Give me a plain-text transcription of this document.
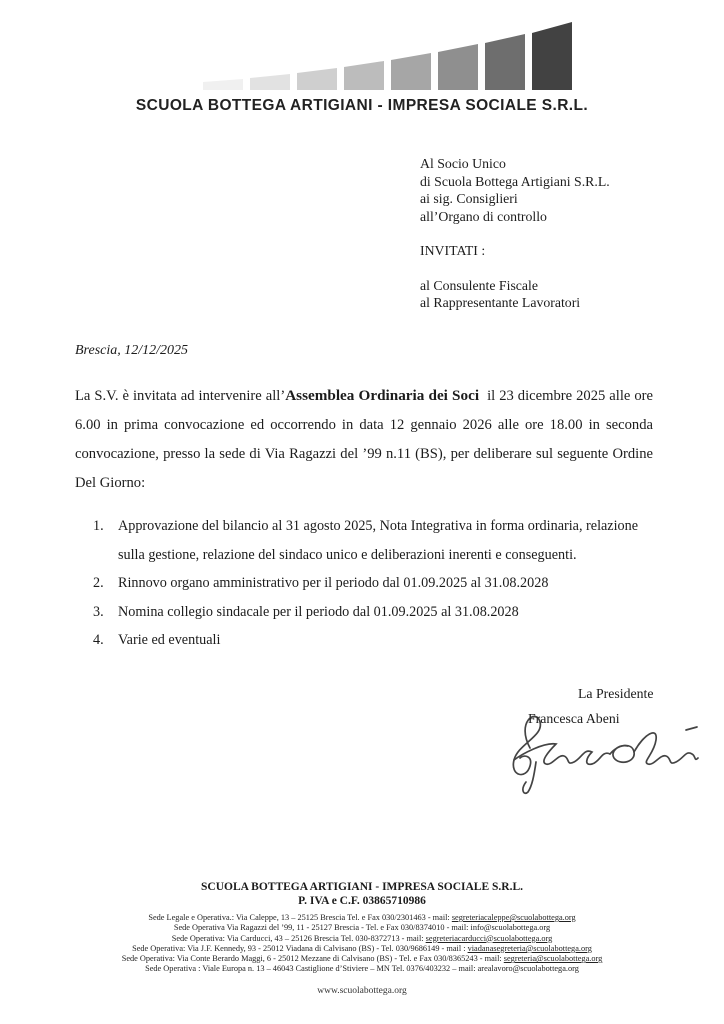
SCUOLA BOTTEGA ARTIGIANI - IMPRESA SOCIALE S.R.L.
Al Socio Unico
di Scuola Bottega Artigiani S.R.L.
ai sig. Consiglieri
all’Organo di controllo
INVITATI :
al Consulente Fiscale
al Rappresentante Lavoratori
Brescia, 12/12/2025
La S.V. è invitata ad intervenire all’Assemblea Ordinaria dei Soci  il 23 dicembre 2025 alle ore 6.00 in prima convocazione ed occorrendo in data 12 gennaio 2026 alle ore 18.00 in seconda convocazione, presso la sede di Via Ragazzi del ’99 n.11 (BS), per deliberare sul seguente Ordine Del Giorno:
1.	Approvazione del bilancio al 31 agosto 2025, Nota Integrativa in forma ordinaria, relazione sulla gestione, relazione del sindaco unico e deliberazioni inerenti e conseguenti.
2.	Rinnovo organo amministrativo per il periodo dal 01.09.2025 al 31.08.2028
3.	Nomina collegio sindacale per il periodo dal 01.09.2025 al 31.08.2028
4.	Varie ed eventuali
La Presidente
Francesca Abeni
SCUOLA BOTTEGA ARTIGIANI - IMPRESA SOCIALE S.R.L.
P. IVA e C.F. 03865710986
Sede Legale e Operativa.: Via Caleppe, 13 – 25125 Brescia Tel. e Fax 030/2301463 - mail: segreteriacaleppe@scuolabottega.org
Sede Operativa Via Ragazzi del ’99, 11 - 25127 Brescia - Tel. e Fax 030/8374010 - mail: info@scuolabottega.org
Sede Operativa: Via Carducci, 43 – 25126 Brescia Tel. 030-8372713 - mail: segreteriacarducci@scuolabottega.org
Sede Operativa: Via J.F. Kennedy, 93 - 25012 Viadana di Calvisano (BS) - Tel. 030/9686149 - mail : viadanasegreteria@scuolabottega.org
Sede Operativa: Via Conte Berardo Maggi, 6 - 25012 Mezzane di Calvisano (BS) - Tel. e Fax 030/8365243 - mail: segreteria@scuolabottega.org
Sede Operativa : Viale Europa n. 13 – 46043 Castiglione d’Stiviere – MN Tel. 0376/403232 – mail: arealavoro@scuolabottega.org
www.scuolabottega.org
